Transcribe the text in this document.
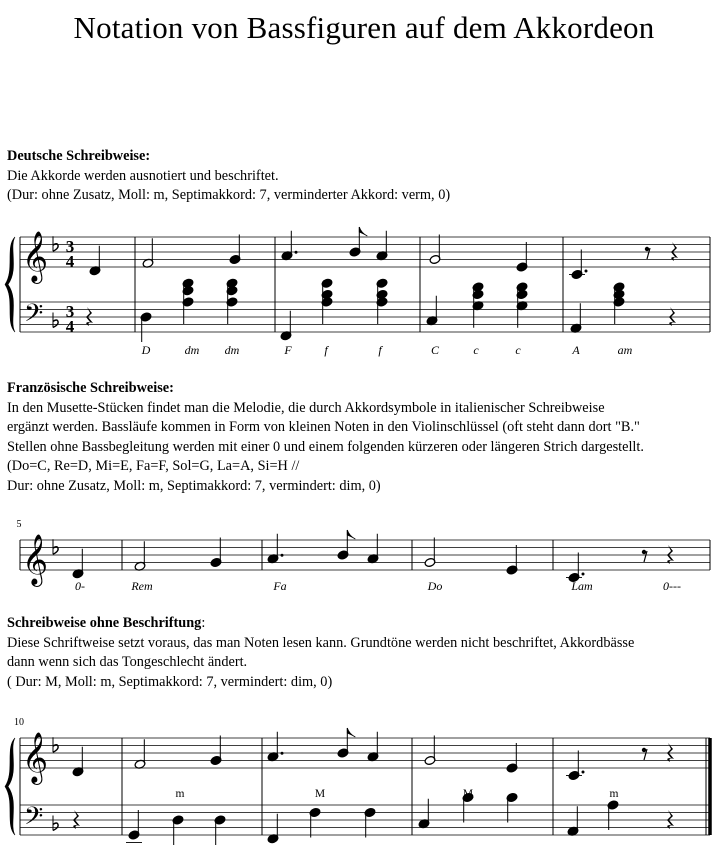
Notation von Bassfiguren auf dem Akkordeon

Deutsche Schreibweise:

Die Akkorde werden ausnotiert und beschriftet.

(Dur: ohne Zusatz, Moll: m, Septimakkord: 7, verminderter Akkord: verm, 0)

Französische Schreibweise:

In den Musette-Stücken findet man die Melodie, die durch Akkordsymbole in italienischer Schreibweise

ergänzt werden. Bassläufe kommen in Form von kleinen Noten in den Violinschlüssel (oft steht dann dort "B."

Stellen ohne Bassbegleitung werden mit einer 0 und einem folgenden kürzeren oder längeren Strich dargestellt.

(Do=C, Re=D, Mi=E, Fa=F, Sol=G, La=A, Si=H //

Dur: ohne Zusatz, Moll: m, Septimakkord: 7, vermindert: dim, 0)

Schreibweise ohne Beschriftung:

Diese Schriftweise setzt voraus, das man Noten lesen kann. Grundtöne werden nicht beschriftet, Akkordbässe

dann wenn sich das Tongeschlecht ändert.

( Dur: M, Moll: m, Septimakkord: 7, vermindert: dim, 0)

𝄞
𝄢
3
4
3
4
D	dm dm	F	f	f	C	c	c	A	am
𝄞
5
0-	Rem	Fa	Do	Lam	0---
𝄞
𝄢
10
m	M	M	m
